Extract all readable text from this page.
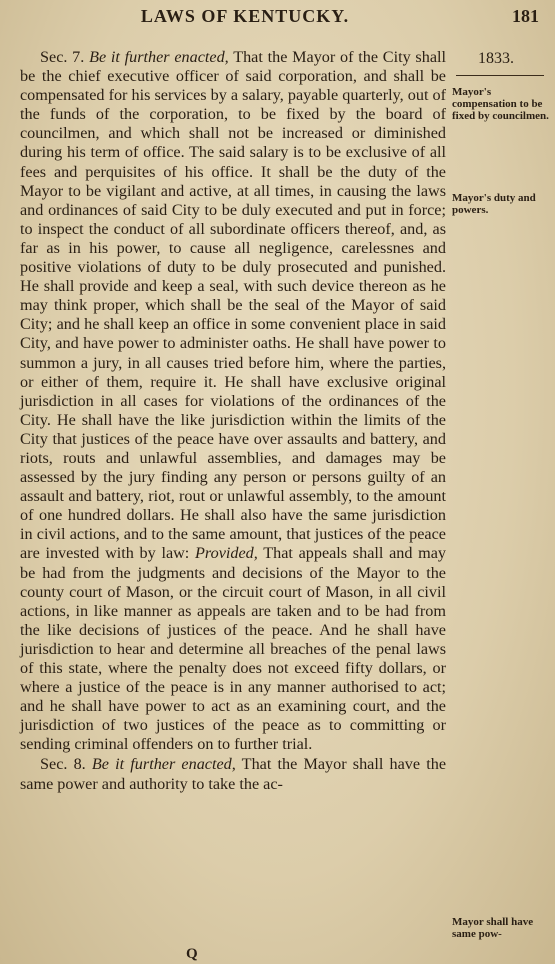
LAWS OF KENTUCKY.	181
1833.
Mayor's compensation to be fixed by councilmen.
Mayor's duty and powers.
Mayor shall have same pow-

Sec. 7. Be it further enacted, That the Mayor of the City shall be the chief executive officer of said corporation, and shall be compensated for his services by a salary, payable quarterly, out of the funds of the corporation, to be fixed by the board of councilmen, and which shall not be increased or diminished during his term of office. The said salary is to be exclusive of all fees and perquisites of his office. It shall be the duty of the Mayor to be vigilant and active, at all times, in causing the laws and ordinances of said City to be duly executed and put in force; to inspect the conduct of all subordinate officers thereof, and, as far as in his power, to cause all negligence, carelessnes and positive violations of duty to be duly prosecuted and punished. He shall provide and keep a seal, with such device thereon as he may think proper, which shall be the seal of the Mayor of said City; and he shall keep an office in some convenient place in said City, and have power to administer oaths. He shall have power to summon a jury, in all causes tried before him, where the parties, or either of them, require it. He shall have exclusive original jurisdiction in all cases for violations of the ordinances of the City. He shall have the like jurisdiction within the limits of the City that justices of the peace have over assaults and battery, and riots, routs and unlawful assemblies, and damages may be assessed by the jury finding any person or persons guilty of an assault and battery, riot, rout or unlawful assembly, to the amount of one hundred dollars. He shall also have the same jurisdiction in civil actions, and to the same amount, that justices of the peace are invested with by law: Provided, That appeals shall and may be had from the judgments and decisions of the Mayor to the county court of Mason, or the circuit court of Mason, in all civil actions, in like manner as appeals are taken and to be had from the like decisions of justices of the peace. And he shall have jurisdiction to hear and determine all breaches of the penal laws of this state, where the penalty does not exceed fifty dollars, or where a justice of the peace is in any manner authorised to act; and he shall have power to act as an examining court, and the jurisdiction of two justices of the peace as to committing or sending criminal offenders on to further trial.

Sec. 8. Be it further enacted, That the Mayor shall have the same power and authority to take the ac-

Q
